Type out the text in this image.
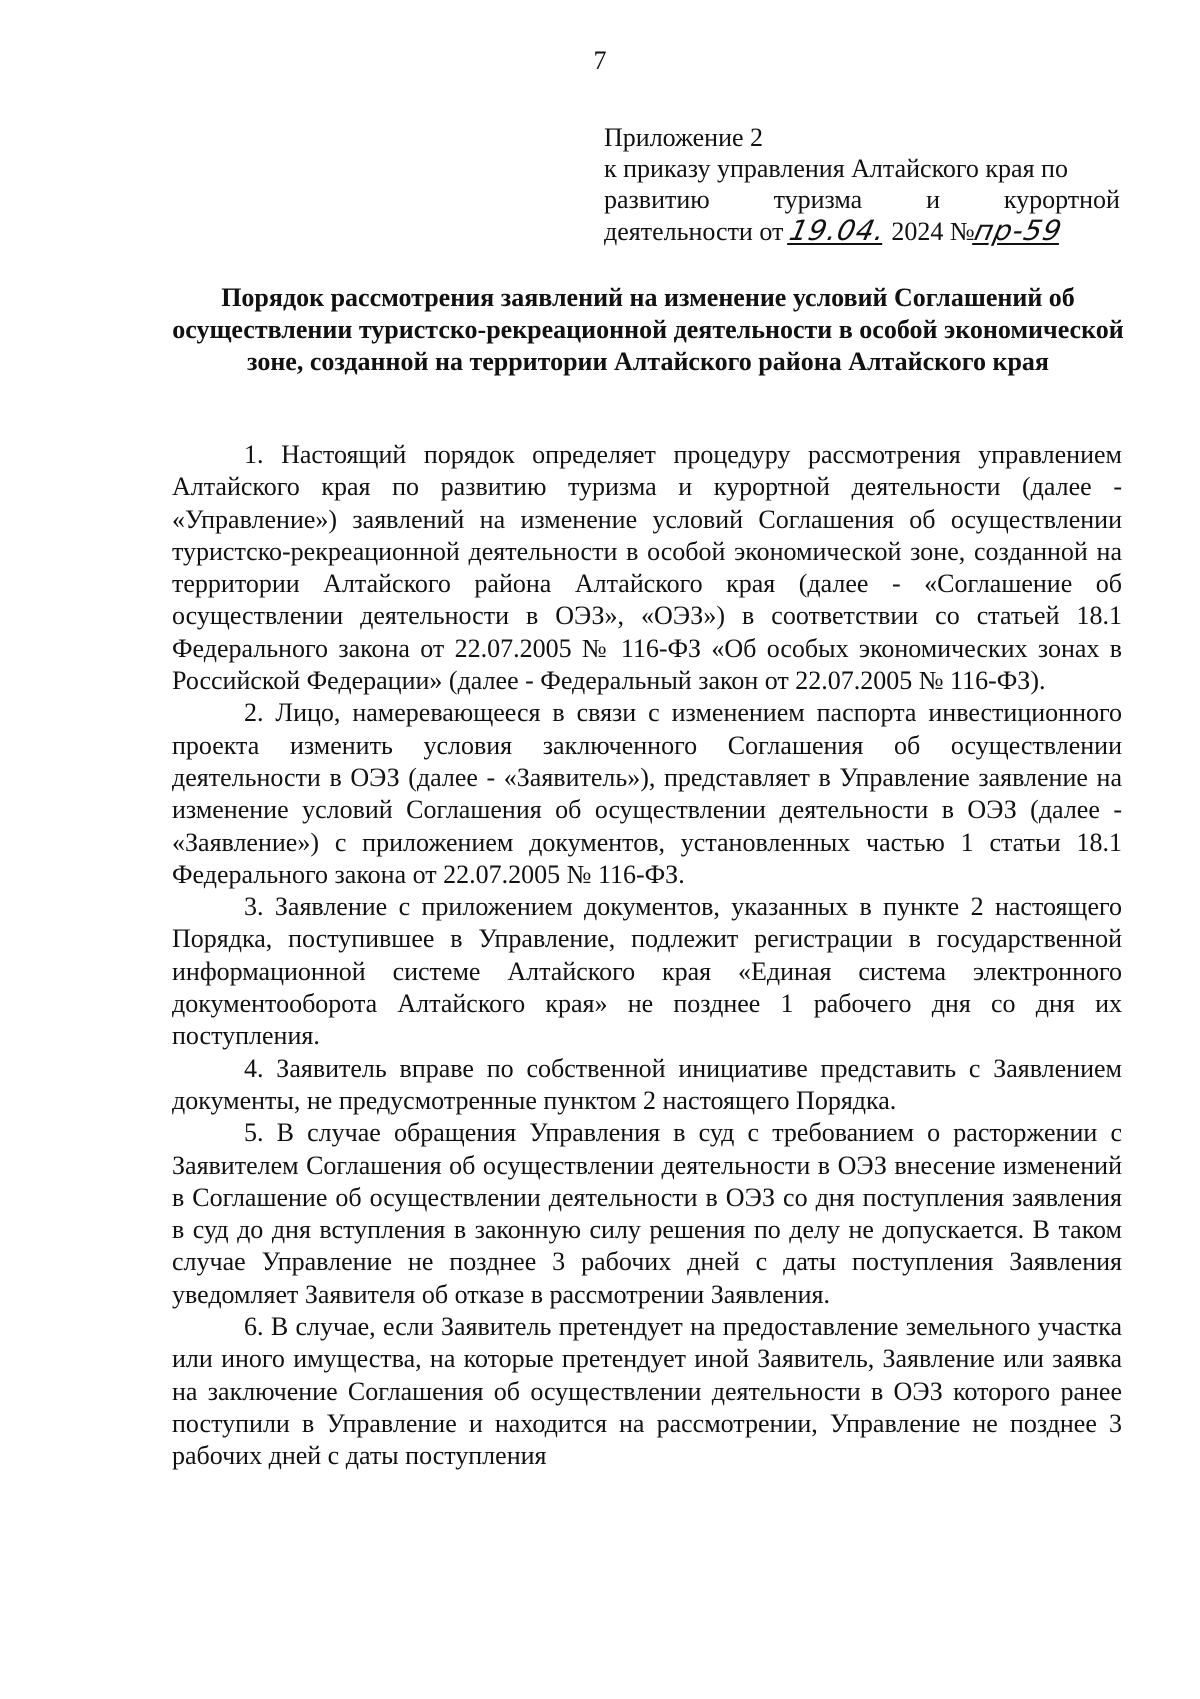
7
Приложение 2
к приказу управления Алтайского края по
развитию туризма и курортной
деятельности от 19.04. 2024 №пр-59
Порядок рассмотрения заявлений на изменение условий Соглашений об осуществлении туристско-рекреационной деятельности в особой экономической зоне, созданной на территории Алтайского района Алтайского края

1. Настоящий порядок определяет процедуру рассмотрения управлением Алтайского края по развитию туризма и курортной деятельности (далее - «Управление») заявлений на изменение условий Соглашения об осуществлении туристско-рекреационной деятельности в особой экономической зоне, созданной на территории Алтайского района Алтайского края (далее - «Соглашение об осуществлении деятельности в ОЭЗ», «ОЭЗ») в соответствии со статьей 18.1 Федерального закона от 22.07.2005 № 116-ФЗ «Об особых экономических зонах в Российской Федерации» (далее - Федеральный закон от 22.07.2005 № 116-ФЗ).

2. Лицо, намеревающееся в связи с изменением паспорта инвестиционного проекта изменить условия заключенного Соглашения об осуществлении деятельности в ОЭЗ (далее - «Заявитель»), представляет в Управление заявление на изменение условий Соглашения об осуществлении деятельности в ОЭЗ (далее - «Заявление») с приложением документов, установленных частью 1 статьи 18.1 Федерального закона от 22.07.2005 № 116-ФЗ.

3. Заявление с приложением документов, указанных в пункте 2 настоящего Порядка, поступившее в Управление, подлежит регистрации в государственной информационной системе Алтайского края «Единая система электронного документооборота Алтайского края» не позднее 1 рабочего дня со дня их поступления.

4. Заявитель вправе по собственной инициативе представить с Заявлением документы, не предусмотренные пунктом 2 настоящего Порядка.

5. В случае обращения Управления в суд с требованием о расторжении с Заявителем Соглашения об осуществлении деятельности в ОЭЗ внесение изменений в Соглашение об осуществлении деятельности в ОЭЗ со дня поступления заявления в суд до дня вступления в законную силу решения по делу не допускается. В таком случае Управление не позднее 3 рабочих дней с даты поступления Заявления уведомляет Заявителя об отказе в рассмотрении Заявления.

6. В случае, если Заявитель претендует на предоставление земельного участка или иного имущества, на которые претендует иной Заявитель, Заявление или заявка на заключение Соглашения об осуществлении деятельности в ОЭЗ которого ранее поступили в Управление и находится на рассмотрении, Управление не позднее 3 рабочих дней с даты поступления
